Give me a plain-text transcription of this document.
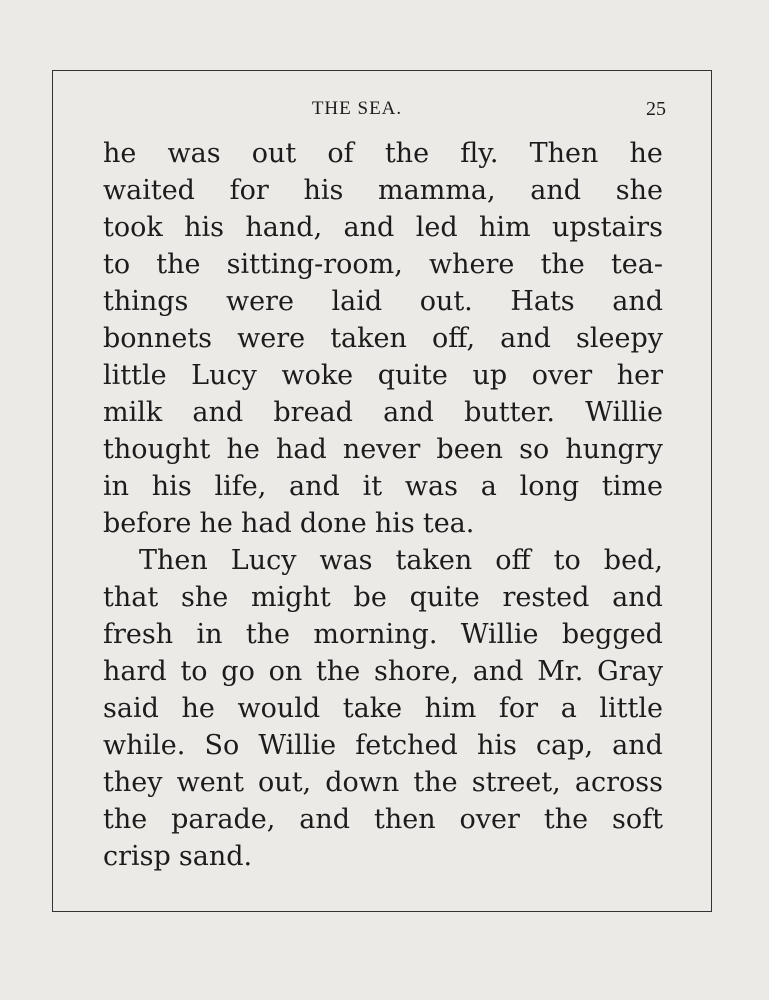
THE SEA.	25
he was out of the fly. Then he
waited for his mamma, and she
took his hand, and led him upstairs
to the sitting-room, where the tea-
things were laid out. Hats and
bonnets were taken off, and sleepy
little Lucy woke quite up over her
milk and bread and butter. Willie
thought he had never been so hungry
in his life, and it was a long time
before he had done his tea.
Then Lucy was taken off to bed,
that she might be quite rested and
fresh in the morning. Willie begged
hard to go on the shore, and Mr. Gray
said he would take him for a little
while. So Willie fetched his cap, and
they went out, down the street, across
the parade, and then over the soft
crisp sand.
